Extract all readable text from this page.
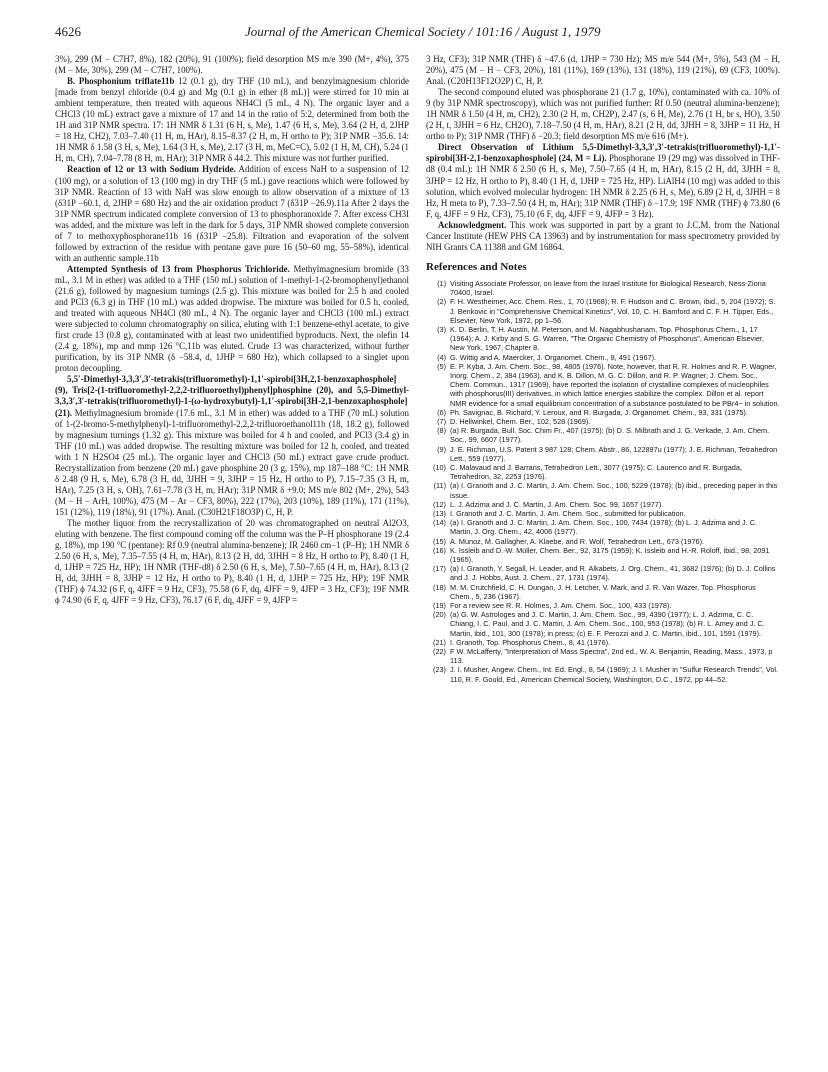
4626	Journal of the American Chemical Society / 101:16 / August 1, 1979

3%), 299 (M − C7H7, 8%), 182 (20%), 91 (100%); field desorption MS m/e 390 (M+, 4%), 375 (M − Me, 30%), 299 (M − C7H7, 100%).

B. Phosphonium triflate11b 12 (0.1 g), dry THF (10 mL), and benzylmagnesium chloride [made from benzyl chloride (0.4 g) and Mg (0.1 g) in ether (8 mL)] were stirred for 10 min at ambient temperature, then treated with aqueous NH4Cl (5 mL, 4 N). The organic layer and a CHCl3 (10 mL) extract gave a mixture of 17 and 14 in the ratio of 5:2, determined from both the 1H and 31P NMR spectra. 17: 1H NMR δ 1.31 (6 H, s, Me), 1.47 (6 H, s, Me), 3.64 (2 H, d, 2JHP = 18 Hz, CH2), 7.03–7.40 (11 H, m, HAr), 8.15–8.37 (2 H, m, H ortho to P); 31P NMR −35.6. 14: 1H NMR δ 1.58 (3 H, s, Me), 1.64 (3 H, s, Me), 2.17 (3 H, m, MeC=C), 5.02 (1 H, M, CH), 5.24 (1 H, m, CH), 7.04–7.78 (8 H, m, HAr); 31P NMR δ 44.2. This mixture was not further purified.

Reaction of 12 or 13 with Sodium Hydride. Addition of excess NaH to a suspension of 12 (100 mg), or a solution of 13 (100 mg) in dry THF (5 mL) gave reactions which were followed by 31P NMR. Reaction of 13 with NaH was slow enough to allow observation of a mixture of 13 (δ31P −60.1, d, 2JHP = 680 Hz) and the air oxidation product 7 (δ31P −26.9).11a After 2 days the 31P NMR spectrum indicated complete conversion of 13 to phosphoranoxide 7. After excess CH3I was added, and the mixture was left in the dark for 5 days, 31P NMR showed complete conversion of 7 to methoxyphosphorane11b 16 (δ31P −25.8). Filtration and evaporation of the solvent followed by extraction of the residue with pentane gave pure 16 (50–60 mg, 55–58%), identical with an authentic sample.11b

Attempted Synthesis of 13 from Phosphorus Trichloride. Methylmagnesium bromide (33 mL, 3.1 M in ether) was added to a THF (150 mL) solution of 1-methyl-1-(2-bromophenyl)ethanol (21.6 g), followed by magnesium turnings (2.5 g). This mixture was boiled for 2.5 h and cooled and PCl3 (6.3 g) in THF (10 mL) was added dropwise. The mixture was boiled for 0.5 h, cooled, and treated with aqueous NH4Cl (80 mL, 4 N). The organic layer and CHCl3 (100 mL) extract were subjected to column chromatography on silica, eluting with 1:1 benzene-ethyl acetate, to give first crude 13 (0.8 g), contaminated with at least two unidentified byproducts. Next, the olefin 14 (2.4 g, 18%), mp and mmp 126 °C,11b was eluted. Crude 13 was characterized, without further purification, by its 31P NMR (δ −58.4, d, 1JHP = 680 Hz), which collapsed to a singlet upon proton decoupling.

5,5′-Dimethyl-3,3,3′,3′-tetrakis(trifluoromethyl)-1,1′-spirobi[3H,2,1-benzoxaphosphole] (9), Tris[2-(1-trifluoromethyl-2,2,2-trifluoroethyl)phenyl]phosphine (20), and 5,5-Dimethyl-3,3,3′,3′-tetrakis(trifluoromethyl)-1-(ω-hydroxybutyl)-1,1′-spirobi[3H-2,1-benzoxaphosphole] (21). Methylmagnesium bromide (17.6 mL, 3.1 M in ether) was added to a THF (70 mL) solution of 1-(2-bromo-5-methylphenyl)-1-trifluoromethyl-2,2,2-trifluoroethanol11b (18, 18.2 g), followed by magnesium turnings (1.32 g). This mixture was boiled for 4 h and cooled, and PCl3 (3.4 g) in THF (10 mL) was added dropwise. The resulting mixture was boiled for 12 h, cooled, and treated with 1 N H2SO4 (25 mL). The organic layer and CHCl3 (50 mL) extract gave crude product. Recrystallization from benzene (20 mL) gave phosphine 20 (3 g, 15%), mp 187–188 °C: 1H NMR δ 2.48 (9 H, s, Me), 6.78 (3 H, dd, 3JHH = 9, 3JHP = 15 Hz, H ortho to P), 7.15–7.35 (3 H, m, HAr), 7.25 (3 H, s, OH), 7.61–7.78 (3 H, m, HAr); 31P NMR δ +9.0; MS m/e 802 (M+, 2%), 543 (M − H − ArH, 100%), 475 (M − Ar − CF3, 80%), 222 (17%), 203 (10%), 189 (11%), 171 (11%), 151 (12%), 119 (18%), 91 (17%). Anal. (C30H21F18O3P) C, H, P.

The mother liquor from the recrystallization of 20 was chromatographed on neutral Al2O3, eluting with benzene. The first compound coming off the column was the P–H phosphorane 19 (2.4 g, 18%), mp 190 °C (pentane): Rf 0.9 (neutral alumina-benzene); IR 2460 cm−1 (P–H); 1H NMR δ 2.50 (6 H, s, Me), 7.35–7.55 (4 H, m, HAr), 8.13 (2 H, dd, 3JHH = 8 Hz, H ortho to P), 8.40 (1 H, d, 1JHP = 725 Hz, HP); 1H NMR (THF-d8) δ 2.50 (6 H, s, Me), 7.50–7.65 (4 H, m, HAr), 8.13 (2 H, dd, 3JHH = 8, 3JHP = 12 Hz, H ortho to P), 8.40 (1 H, d, 1JHP = 725 Hz, HP); 19F NMR (THF) ϕ 74.32 (6 F, q, 4JFF = 9 Hz, CF3), 75.58 (6 F, dq, 4JFF = 9, 4JFP = 3 Hz, CF3); 19F NMR ϕ 74.90 (6 F, q, 4JFF = 9 Hz, CF3), 76.17 (6 F, dq, 4JFF = 9, 4JFP =

3 Hz, CF3); 31P NMR (THF) δ −47.6 (d, 1JHP = 730 Hz); MS m/e 544 (M+, 5%), 543 (M − H, 20%), 475 (M − H − CF3, 20%), 181 (11%), 169 (13%), 131 (18%), 119 (21%), 69 (CF3, 100%). Anal. (C20H13F12O2P) C, H, P.

The second compound eluted was phosphorane 21 (1.7 g, 10%), contaminated with ca. 10% of 9 (by 31P NMR spectroscopy), which was not purified further: Rf 0.50 (neutral alumina-benzene); 1H NMR δ 1.50 (4 H, m, CH2), 2.30 (2 H, m, CH2P), 2.47 (s, 6 H, Me), 2.76 (1 H, br s, HO), 3.50 (2 H, t, 3JHH = 6 Hz, CH2O), 7.18–7.50 (4 H, m, HAr), 8.21 (2 H, dd, 3JHH = 8, 3JHP = 11 Hz, H ortho to P); 31P NMR (THF) δ −20.3; field desorption MS m/e 616 (M+).

Direct Observation of Lithium 5,5-Dimethyl-3,3,3′,3′-tetrakis(trifluoromethyl)-1,1′-spirobi[3H-2,1-benzoxaphosphole] (24, M = Li). Phosphorane 19 (29 mg) was dissolved in THF-d8 (0.4 mL): 1H NMR δ 2.50 (6 H, s, Me), 7.50–7.65 (4 H, m, HAr), 8.15 (2 H, dd, 3JHH = 8, 3JHP = 12 Hz, H ortho to P), 8.40 (1 H, d, 1JHP = 725 Hz, HP). LiAlH4 (10 mg) was added to this solution, which evolved molecular hydrogen: 1H NMR δ 2.25 (6 H, s, Me), 6.89 (2 H, d, 3JHH = 8 Hz, H meta to P), 7.33–7.50 (4 H, m, HAr); 31P NMR (THF) δ −17.9; 19F NMR (THF) ϕ 73.80 (6 F, q, 4JFF = 9 Hz, CF3), 75.10 (6 F, dq, 4JFF = 9, 4JFP = 3 Hz).

Acknowledgment. This work was supported in part by a grant to J.C.M. from the National Cancer Institute (HEW PHS CA 13963) and by instrumentation for mass spectrometry provided by NIH Grants CA 11388 and GM 16864.

References and Notes
(1) Visiting Associate Professor, on leave from the Israel Institute for Biological Research, Ness-Ziona 70400, Israel.
(2) F. H. Westheimer, Acc. Chem. Res., 1, 70 (1968); R. F. Hudson and C. Brown, ibid., 5, 204 (1972); S. J. Benkovic in "Comprehensive Chemical Kinetics", Vol. 10, C. H. Bamford and C. F. H. Tipper, Eds., Elsevier, New York, 1972, pp 1–56.
(3) K. D. Berlin, T. H. Austin, M. Peterson, and M. Nagabhushanam, Top. Phosphorus Chem., 1, 17 (1964); A. J. Kirby and S. G. Warren, "The Organic Chemistry of Phosphorus", American Elsevier, New York, 1967, Chapter 8.
(4) G. Wittig and A. Maercker, J. Organomet. Chem., 8, 491 (1967).
(5) E. P. Kyba, J. Am. Chem. Soc., 98, 4805 (1976). Note, however, that R. R. Holmes and R. P. Wagner, Inorg. Chem., 2, 384 (1963), and K. B. Dillon, M. G. C. Dillon, and R. P. Wagner, J. Chem. Soc., Chem. Commun., 1317 (1969), have reported the isolation of crystalline complexes of nucleophiles with phosphorus(III) derivatives, in which lattice energies stabilize the complex. Dillon et al. report NMR evidence for a small equilibrium concentration of a substance postulated to be PBr4− in solution.
(6) Ph. Savignac, B. Richard, Y. Leroux, and R. Burgada, J. Organomet. Chem., 93, 331 (1975).
(7) D. Hellwinkel, Chem. Ber., 102, 528 (1969).
(8) (a) R. Burgada, Bull. Soc. Chim Fr., 407 (1975); (b) D. S. Milbrath and J. G. Verkade, J. Am. Chem. Soc., 99, 6607 (1977).
(9) J. E. Richman, U.S. Patent 3 987 128; Chem. Abstr., 86, 122897u (1977); J. E. Richman, Tetrahedron Lett., 559 (1977).
(10) C. Malavaud and J. Barrans, Tetrahedron Lett., 3077 (1975); C. Laurenco and R. Burgada, Tetrahedron, 32, 2253 (1976).
(11) (a) I. Granoth and J. C. Martin, J. Am. Chem. Soc., 100, 5229 (1978); (b) ibid., preceding paper in this issue.
(12) L. J. Adzima and J. C. Martin, J. Am. Chem. Soc. 99, 1657 (1977).
(13) I. Granoth and J. C. Martin, J. Am. Chem. Soc., submitted for publication.
(14) (a) I. Granoth and J. C. Martin, J. Am. Chem. Soc., 100, 7434 (1978); (b) L. J. Adzima and J. C. Martin, J. Org. Chem., 42, 4006 (1977).
(15) A. Munoz, M. Gallagher, A. Klaebe, and R. Wolf, Tetrahedron Lett., 673 (1976).
(16) K. Issleib and D.-W. Müller, Chem. Ber., 92, 3175 (1959); K. Issleib and H.-R. Roloff, ibid., 98, 2091 (1965).
(17) (a) I. Granoth, Y. Segall, H. Leader, and R. Alkabets, J. Org. Chem., 41, 3682 (1976); (b) D. J. Collins and J. J. Hobbs, Aust. J. Chem., 27, 1731 (1974).
(18) M. M. Crutchfield, C. H. Dungan, J. H. Letcher, V. Mark, and J. R. Van Wazer, Top. Phosphorus Chem., 5, 236 (1967).
(19) For a review see R. R. Holmes, J. Am. Chem. Soc., 100, 433 (1978).
(20) (a) G. W. Astrologes and J. C. Martin, J. Am. Chem. Soc., 99, 4390 (1977); L. J. Adzima, C. C. Chiang, I. C. Paul, and J. C. Martin, J. Am. Chem. Soc., 100, 953 (1978); (b) R. L. Amey and J. C. Martin, ibid., 101, 300 (1978); in press; (c) E. F. Perozzi and J. C. Martin, ibid., 101, 1591 (1979).
(21) I. Granoth, Top. Phosphorus Chem., 8, 41 (1976).
(22) F W. McLafferty, "Interpretation of Mass Spectra", 2nd ed., W. A. Benjamin, Reading, Mass., 1973, p 113.
(23) J. I. Musher, Angew. Chem., Int. Ed. Engl., 8, 54 (1969); J. I. Musher in "Sulfur Research Trends", Vol. 110, R. F. Gould, Ed., American Chemical Society, Washington, D.C., 1972, pp 44–52.
